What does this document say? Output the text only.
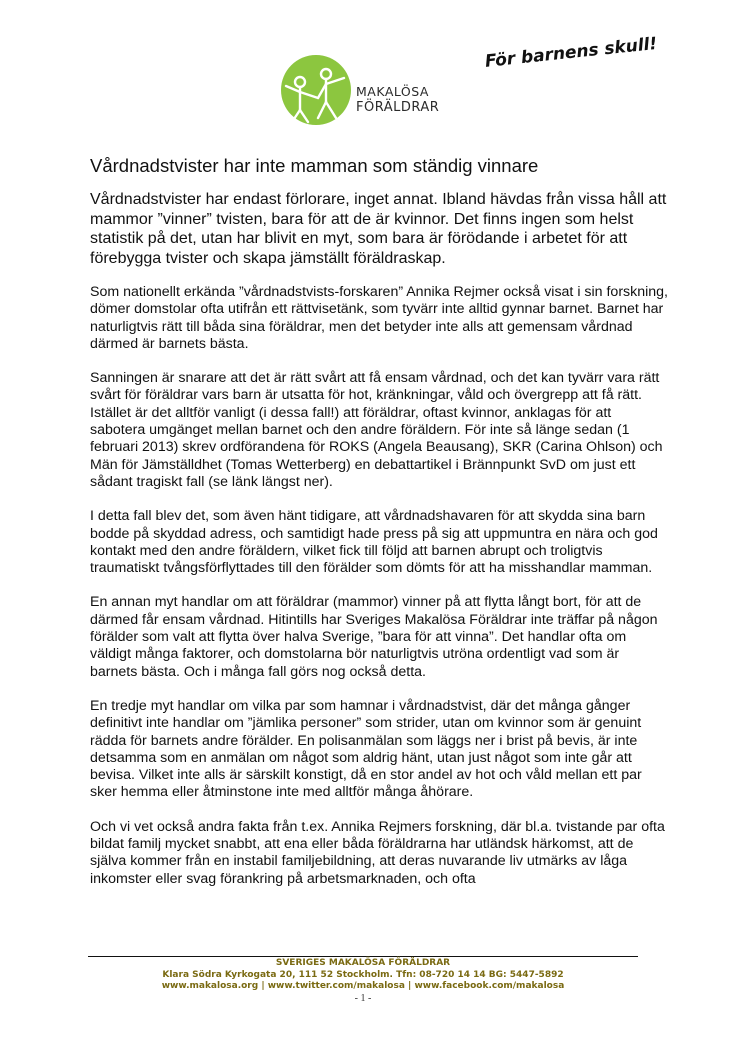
MAKALÖSA
FÖRÄLDRAR
För barnens skull!
Vårdnadstvister har inte mamman som ständig vinnare

Vårdnadstvister har endast förlorare, inget annat. Ibland hävdas från vissa håll att mammor ”vinner” tvisten, bara för att de är kvinnor. Det finns ingen som helst statistik på det, utan har blivit en myt, som bara är förödande i arbetet för att förebygga tvister och skapa jämställt föräldraskap.

Som nationellt erkända ”vårdnadstvists-forskaren” Annika Rejmer också visat i sin forskning, dömer domstolar ofta utifrån ett rättvisetänk, som tyvärr inte alltid gynnar barnet. Barnet har naturligtvis rätt till båda sina föräldrar, men det betyder inte alls att gemensam vårdnad därmed är barnets bästa.

Sanningen är snarare att det är rätt svårt att få ensam vårdnad, och det kan tyvärr vara rätt svårt för föräldrar vars barn är utsatta för hot, kränkningar, våld och övergrepp att få rätt. Istället är det alltför vanligt (i dessa fall!) att föräldrar, oftast kvinnor, anklagas för att sabotera umgänget mellan barnet och den andre föräldern. För inte så länge sedan (1 februari 2013) skrev ordförandena för ROKS (Angela Beausang), SKR (Carina Ohlson) och Män för Jämställdhet (Tomas Wetterberg) en debattartikel i Brännpunkt SvD om just ett sådant tragiskt fall (se länk längst ner).

I detta fall blev det, som även hänt tidigare, att vårdnadshavaren för att skydda sina barn bodde på skyddad adress, och samtidigt hade press på sig att uppmuntra en nära och god kontakt med den andre föräldern, vilket fick till följd att barnen abrupt och troligtvis traumatiskt tvångsförflyttades till den förälder som dömts för att ha misshandlar mamman.

En annan myt handlar om att föräldrar (mammor) vinner på att flytta långt bort, för att de därmed får ensam vårdnad. Hitintills har Sveriges Makalösa Föräldrar inte träffar på någon förälder som valt att flytta över halva Sverige, ”bara för att vinna”. Det handlar ofta om väldigt många faktorer, och domstolarna bör naturligtvis utröna ordentligt vad som är barnets bästa. Och i många fall görs nog också detta.

En tredje myt handlar om vilka par som hamnar i vårdnadstvist, där det många gånger definitivt inte handlar om ”jämlika personer” som strider, utan om kvinnor som är genuint rädda för barnets andre förälder. En polisanmälan som läggs ner i brist på bevis, är inte detsamma som en anmälan om något som aldrig hänt, utan just något som inte går att bevisa. Vilket inte alls är särskilt konstigt, då en stor andel av hot och våld mellan ett par sker hemma eller åtminstone inte med alltför många åhörare.

Och vi vet också andra fakta från t.ex. Annika Rejmers forskning, där bl.a. tvistande par ofta bildat familj mycket snabbt, att ena eller båda föräldrarna har utländsk härkomst, att de själva kommer från en instabil familjebildning, att deras nuvarande liv utmärks av låga inkomster eller svag förankring på arbetsmarknaden, och ofta

SVERIGES MAKALÖSA FÖRÄLDRAR
Klara Södra Kyrkogata 20, 111 52 Stockholm. Tfn: 08-720 14 14 BG: 5447-5892
www.makalosa.org | www.twitter.com/makalosa | www.facebook.com/makalosa
- 1 -
